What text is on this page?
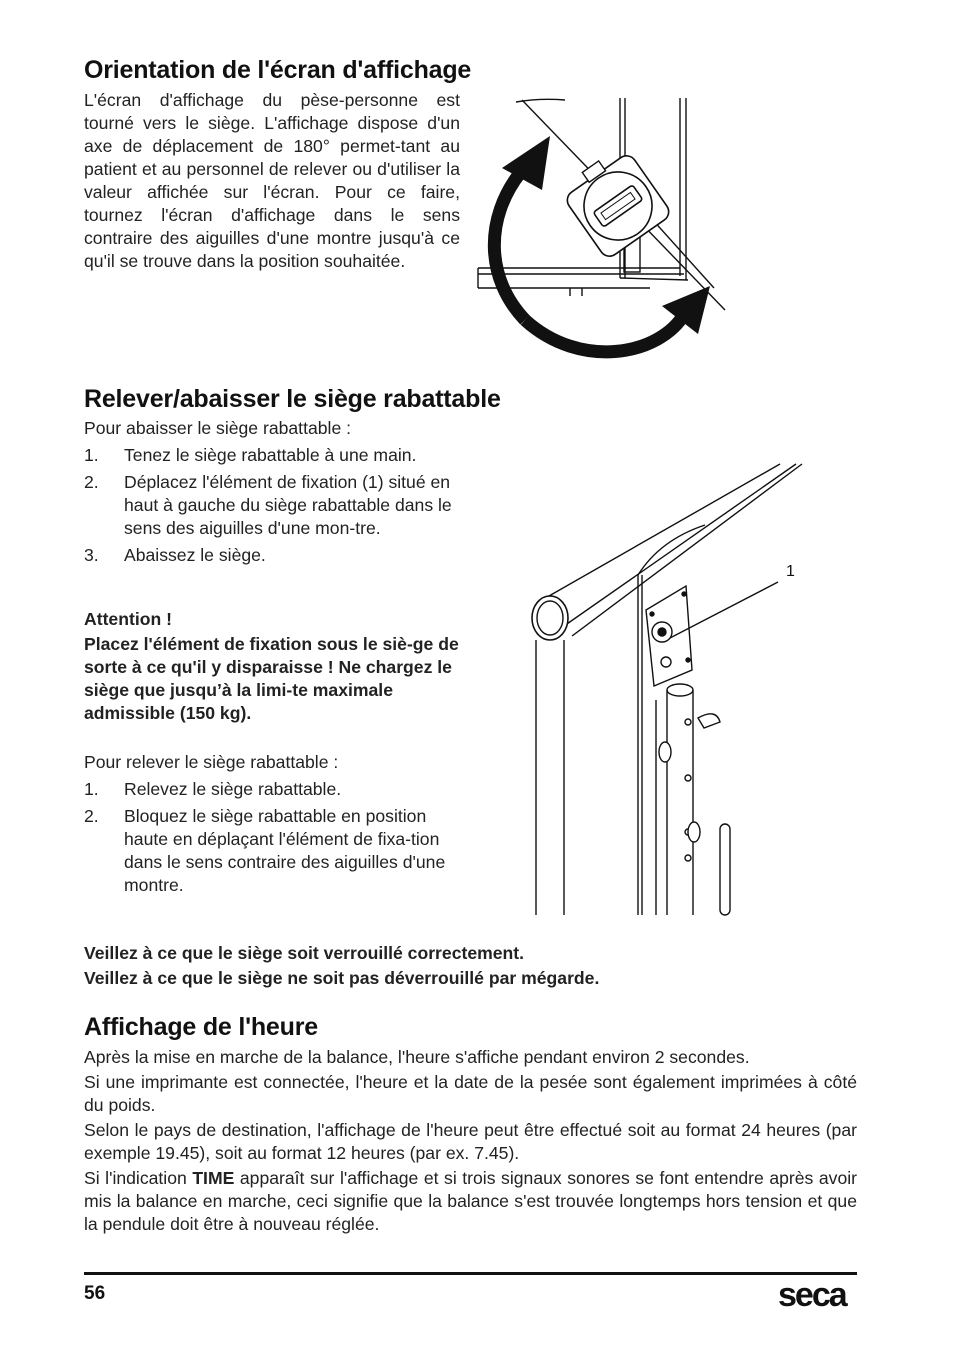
Orientation de l'écran d'affichage
L'écran d'affichage du pèse-personne est tourné vers le siège. L'affichage dispose d'un axe de déplacement de 180° permet-tant au patient et au personnel de relever ou d'utiliser la valeur affichée sur l'écran. Pour ce faire, tournez l'écran d'affichage dans le sens contraire des aiguilles d'une montre jusqu'à ce qu'il se trouve dans la position souhaitée.
Relever/abaisser le siège rabattable
Pour abaisser le siège rabattable :
1. Tenez le siège rabattable à une main.
2. Déplacez l'élément de fixation (1) situé en haut à gauche du siège rabattable dans le sens des aiguilles d'une mon-tre.
3. Abaissez le siège.
Attention !
Placez l'élément de fixation sous le siè-ge de sorte à ce qu'il y disparaisse ! Ne chargez le siège que jusqu’à la limi-te maximale admissible (150 kg).
Pour relever le siège rabattable :
1. Relevez le siège rabattable.
2. Bloquez le siège rabattable en position haute en déplaçant l'élément de fixa-tion dans le sens contraire des aiguilles d'une montre.
1
Veillez à ce que le siège soit verrouillé correctement.
Veillez à ce que le siège ne soit pas déverrouillé par mégarde.
Affichage de l'heure
Après la mise en marche de la balance, l'heure s'affiche pendant environ 2 secondes.
Si une imprimante est connectée, l'heure et la date de la pesée sont également imprimées à côté du poids.
Selon le pays de destination, l'affichage de l'heure peut être effectué soit au format 24 heures (par exemple 19.45), soit au format 12 heures (par ex. 7.45).
Si l'indication TIME apparaît sur l'affichage et si trois signaux sonores se font entendre après avoir mis la balance en marche, ceci signifie que la balance s'est trouvée longtemps hors tension et que la pendule doit être à nouveau réglée.
56	seca
